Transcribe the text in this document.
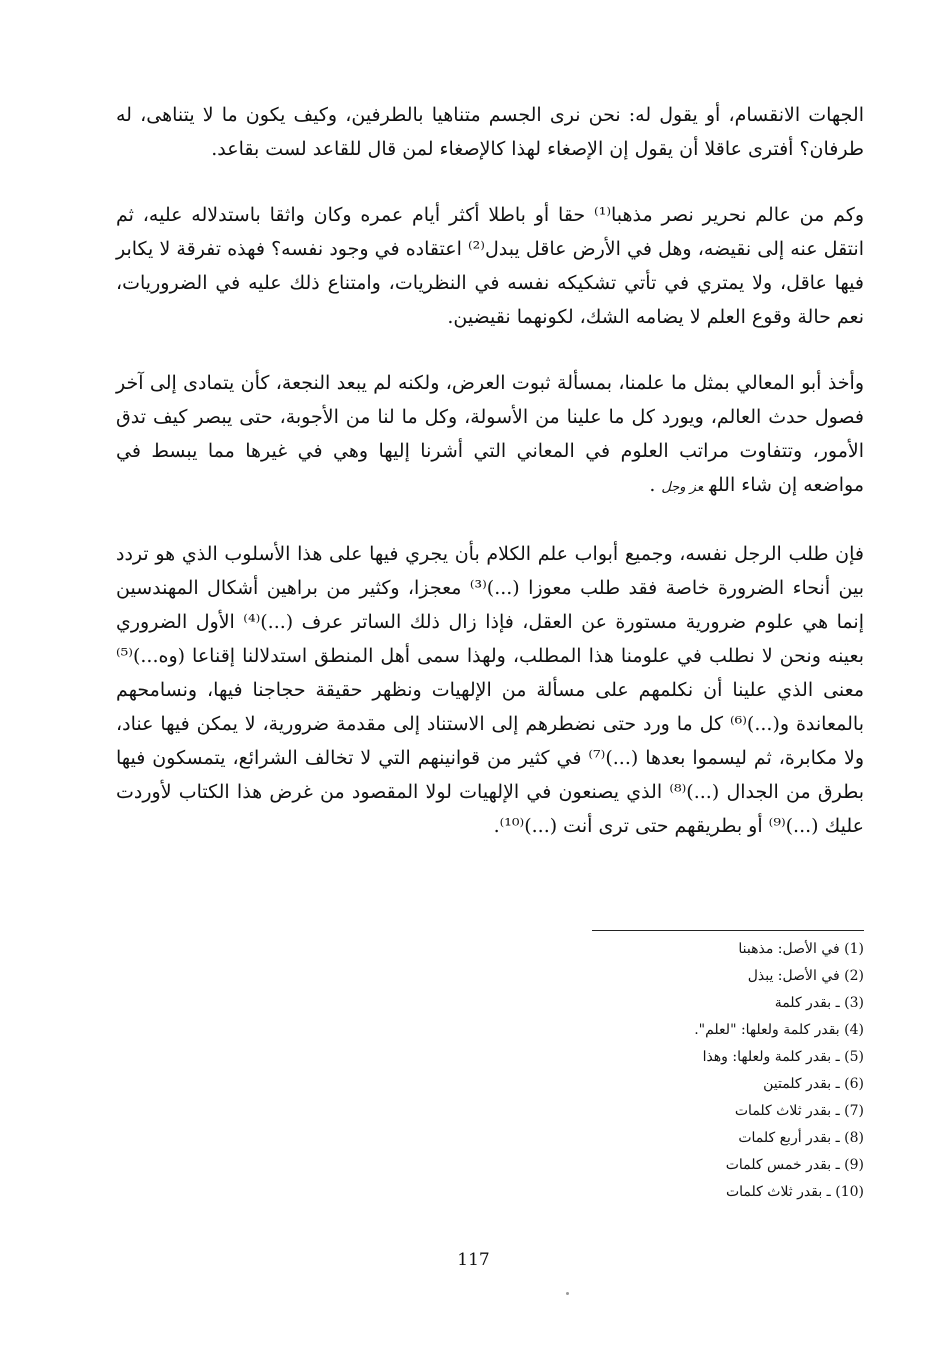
الجهات الانقسام، أو يقول له: نحن نرى الجسم متناهيا بالطرفين، وكيف يكون ما لا يتناهى، له طرفان؟ أفترى عاقلا أن يقول إن الإصغاء لهذا كالإصغاء لمن قال للقاعد لست بقاعد.

وكم من عالم نحرير نصر مذهبا⁽¹⁾ حقا أو باطلا أكثر أيام عمره وكان واثقا باستدلاله عليه، ثم انتقل عنه إلى نقيضه، وهل في الأرض عاقل يبدل⁽²⁾ اعتقاده في وجود نفسه؟ فهذه تفرقة لا يكابر فيها عاقل، ولا يمتري في تأتي تشكيكه نفسه في النظريات، وامتناع ذلك عليه في الضروريات، نعم حالة وقوع العلم لا يضامه الشك، لكونهما نقيضين.

وأخذ أبو المعالي بمثل ما علمنا، بمسألة ثبوت العرض، ولكنه لم يبعد النجعة، كأن يتمادى إلى آخر فصول حدث العالم، ويورد كل ما علينا من الأسولة، وكل ما لنا من الأجوبة، حتى يبصر كيف تدق الأمور، وتتفاوت مراتب العلوم في المعاني التي أشرنا إليها وهي في غيرها مما يبسط في مواضعه إن شاء اللهعز وجل.

فإن طلب الرجل نفسه، وجميع أبواب علم الكلام بأن يجري فيها على هذا الأسلوب الذي هو تردد بين أنحاء الضرورة خاصة فقد طلب معوزا (...)⁽³⁾ معجزا، وكثير من براهين أشكال المهندسين إنما هي علوم ضرورية مستورة عن العقل، فإذا زال ذلك الساتر عرف (...)⁽⁴⁾ الأول الضروري بعينه ونحن لا نطلب في علومنا هذا المطلب، ولهذا سمى أهل المنطق استدلالنا إقناعا (وه...)⁽⁵⁾ معنى الذي علينا أن نكلمهم على مسألة من الإلهيات ونظهر حقيقة حجاجنا فيها، ونسامحهم بالمعاندة و(...)⁽⁶⁾ كل ما ورد حتى نضطرهم إلى الاستناد إلى مقدمة ضرورية، لا يمكن فيها عناد، ولا مكابرة، ثم ليسموا بعدها (...)⁽⁷⁾ في كثير من قوانينهم التي لا تخالف الشرائع، يتمسكون فيها بطرق من الجدال (...)⁽⁸⁾ الذي يصنعون في الإلهيات لولا المقصود من غرض هذا الكتاب لأوردت عليك (...)⁽⁹⁾ أو بطريقهم حتى ترى أنت (...)⁽¹⁰⁾.

(1) في الأصل: مذهبنا
(2) في الأصل: يبذل
(3) ـ بقدر كلمة
(4) بقدر كلمة ولعلها: "لعلم".
(5) ـ بقدر كلمة ولعلها: وهذا
(6) ـ بقدر كلمتين
(7) ـ بقدر ثلاث كلمات
(8) ـ بقدر أربع كلمات
(9) ـ بقدر خمس كلمات
(10) ـ بقدر ثلاث كلمات
117
